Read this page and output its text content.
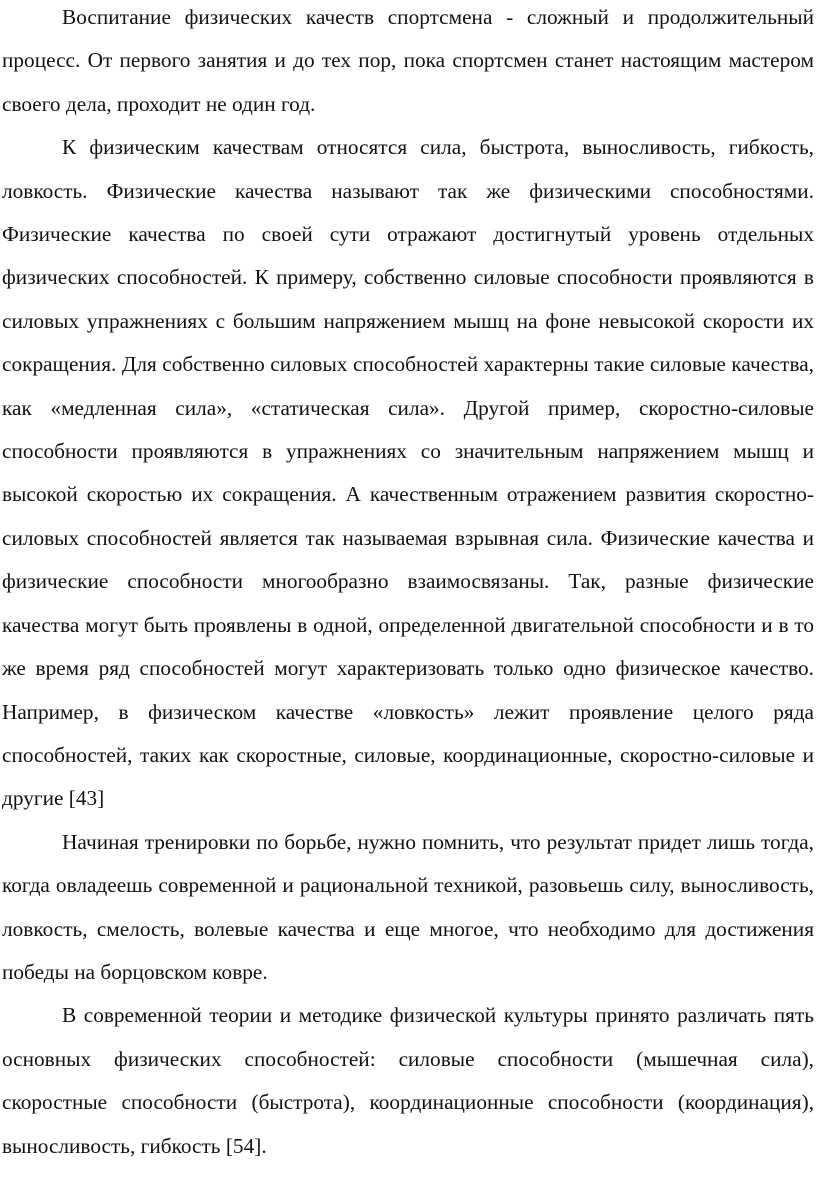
Воспитание физических качеств спортсмена - сложный и продолжительный процесс. От первого занятия и до тех пор, пока спортсмен станет настоящим мастером своего дела, проходит не один год.

К физическим качествам относятся сила, быстрота, выносливость, гибкость, ловкость. Физические качества называют так же физическими способностями. Физические качества по своей сути отражают достигнутый уровень отдельных физических способностей. К примеру, собственно силовые способности проявляются в силовых упражнениях с большим напряжением мышц на фоне невысокой скорости их сокращения. Для собственно силовых способностей характерны такие силовые качества, как «медленная сила», «статическая сила». Другой пример, скоростно-силовые способности проявляются в упражнениях со значительным напряжением мышц и высокой скоростью их сокращения. А качественным отражением развития скоростно-силовых способностей является так называемая взрывная сила. Физические качества и физические способности многообразно взаимосвязаны. Так, разные физические качества могут быть проявлены в одной, определенной двигательной способности и в то же время ряд способностей могут характеризовать только одно физическое качество. Например, в физическом качестве «ловкость» лежит проявление целого ряда способностей, таких как скоростные, силовые, координационные, скоростно-силовые и другие [43]

Начиная тренировки по борьбе, нужно помнить, что результат придет лишь тогда, когда овладеешь современной и рациональной техникой, разовьешь силу, выносливость, ловкость, смелость, волевые качества и еще многое, что необходимо для достижения победы на борцовском ковре.

В современной теории и методике физической культуры принято различать пять основных физических способностей: силовые способности (мышечная сила), скоростные способности (быстрота), координационные способности (координация), выносливость, гибкость [54].
